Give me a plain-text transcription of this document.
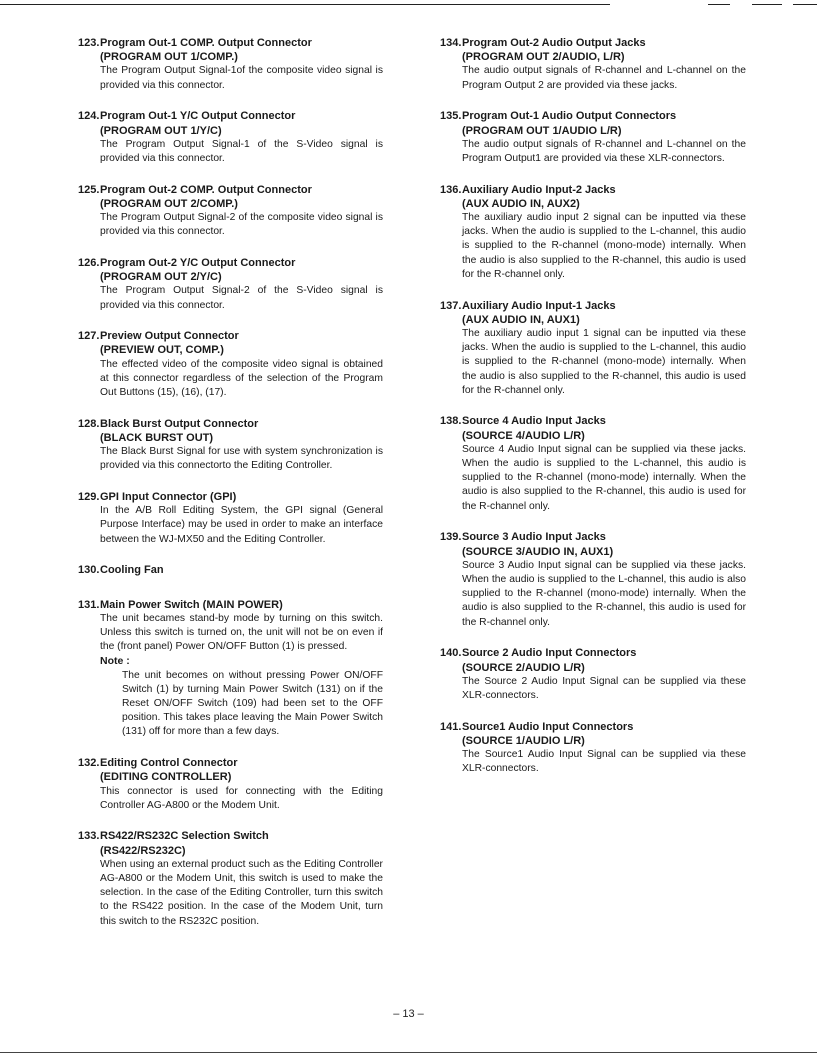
123. Program Out-1 COMP. Output Connector
(PROGRAM OUT 1/COMP.)
The Program Output Signal-1of the composite video signal is provided via this connector.
124. Program Out-1 Y/C Output Connector
(PROGRAM OUT 1/Y/C)
The Program Output Signal-1 of the S-Video signal is provided via this connector.
125. Program Out-2 COMP. Output Connector
(PROGRAM OUT 2/COMP.)
The Program Output Signal-2 of the composite video signal is provided via this connector.
126. Program Out-2 Y/C Output Connector
(PROGRAM OUT 2/Y/C)
The Program Output Signal-2 of the S-Video signal is provided via this connector.
127. Preview Output Connector
(PREVIEW OUT, COMP.)
The effected video of the composite video signal is obtained at this connector regardless of the selection of the Program Out Buttons (15), (16), (17).
128. Black Burst Output Connector
(BLACK BURST OUT)
The Black Burst Signal for use with system synchronization is provided via this connectorto the Editing Controller.
129. GPI Input Connector (GPI)
In the A/B Roll Editing System, the GPI signal (General Purpose Interface) may be used in order to make an interface between the WJ-MX50 and the Editing Controller.
130. Cooling Fan
131. Main Power Switch (MAIN POWER)
The unit becames stand-by mode by turning on this switch. Unless this switch is turned on, the unit will not be on even if the (front panel) Power ON/OFF Button (1) is pressed.
Note :
The unit becomes on without pressing Power ON/OFF Switch (1) by turning Main Power Switch (131) on if the Reset ON/OFF Switch (109) had been set to the OFF position. This takes place leaving the Main Power Switch (131) off for more than a few days.
132. Editing Control Connector
(EDITING CONTROLLER)
This connector is used for connecting with the Editing Controller AG-A800 or the Modem Unit.
133. RS422/RS232C Selection Switch
(RS422/RS232C)
When using an external product such as the Editing Controller AG-A800 or the Modem Unit, this switch is used to make the selection. In the case of the Editing Controller, turn this switch to the RS422 position. In the case of the Modem Unit, turn this switch to the RS232C position.
134. Program Out-2 Audio Output Jacks
(PROGRAM OUT 2/AUDIO, L/R)
The audio output signals of R-channel and L-channel on the Program Output 2 are provided via these jacks.
135. Program Out-1 Audio Output Connectors
(PROGRAM OUT 1/AUDIO L/R)
The audio output signals of R-channel and L-channel on the Program Output1 are provided via these XLR-connectors.
136. Auxiliary Audio Input-2 Jacks
(AUX AUDIO IN, AUX2)
The auxiliary audio input 2 signal can be inputted via these jacks. When the audio is supplied to the L-channel, this audio is supplied to the R-channel (mono-mode) internally. When the audio is also supplied to the R-channel, this audio is used for the R-channel only.
137. Auxiliary Audio Input-1 Jacks
(AUX AUDIO IN, AUX1)
The auxiliary audio input 1 signal can be inputted via these jacks. When the audio is supplied to the L-channel, this audio is supplied to the R-channel (mono-mode) internally. When the audio is also supplied to the R-channel, this audio is used for the R-channel only.
138. Source 4 Audio Input Jacks
(SOURCE 4/AUDIO L/R)
Source 4 Audio Input signal can be supplied via these jacks. When the audio is supplied to the L-channel, this audio is supplied to the R-channel (mono-mode) internally. When the audio is also supplied to the R-channel, this audio is used for the R-channel only.
139. Source 3 Audio Input Jacks
(SOURCE 3/AUDIO IN, AUX1)
Source 3 Audio Input signal can be supplied via these jacks. When the audio is supplied to the L-channel, this audio is also supplied to the R-channel (mono-mode) internally. When the audio is also supplied to the R-channel, this audio is used for the R-channel only.
140. Source 2 Audio Input Connectors
(SOURCE 2/AUDIO L/R)
The Source 2 Audio Input Signal can be supplied via these XLR-connectors.
141. Source1 Audio Input Connectors
(SOURCE 1/AUDIO L/R)
The Source1 Audio Input Signal can be supplied via these XLR-connectors.
– 13 –
